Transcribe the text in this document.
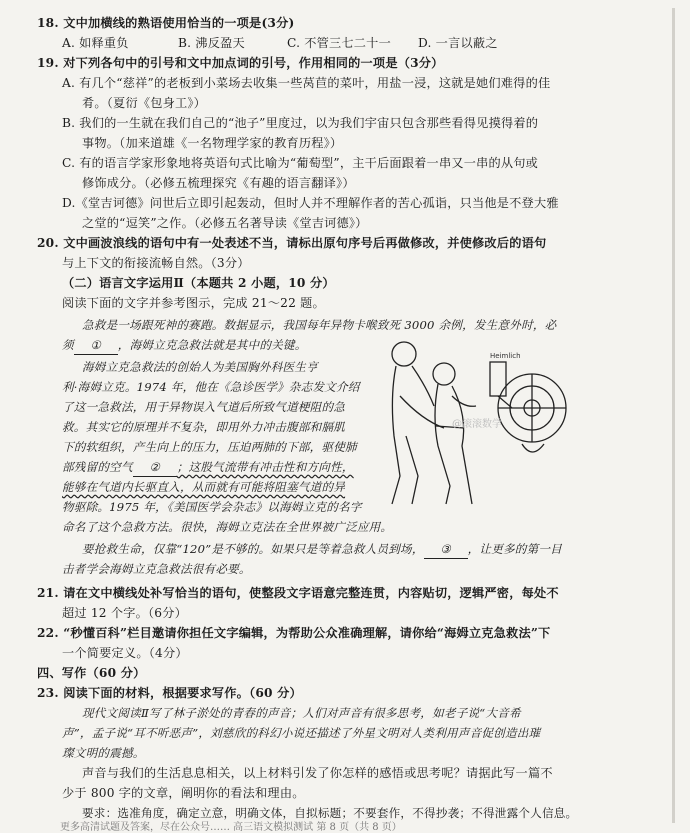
18. 文中加横线的熟语使用恰当的一项是(3分)
A. 如释重负	B. 沸反盈天	C. 不管三七二十一 D. 一言以蔽之
19. 对下列各句中的引号和文中加点词的引号，作用相同的一项是（3分）
A. 有几个“慈祥”的老板到小菜场去收集一些莴苣的菜叶，用盐一浸，这就是她们难得的佳
肴。（夏衍《包身工》）
B. 我们的一生就在我们自己的“池子”里度过，以为我们宇宙只包含那些看得见摸得着的
事物。（加来道雄《一名物理学家的教育历程》）
C. 有的语言学家形象地将英语句式比喻为“葡萄型”，主干后面跟着一串又一串的从句或
修饰成分。（必修五梳理探究《有趣的语言翻译》）
D.《堂吉诃德》问世后立即引起轰动，但时人并不理解作者的苦心孤诣，只当他是不登大雅
之堂的“逗笑”之作。（必修五名著导读《堂吉诃德》）
20. 文中画波浪线的语句中有一处表述不当，请标出原句序号后再做修改，并使修改后的语句
与上下文的衔接流畅自然。（3分）
（二）语言文字运用Ⅱ（本题共 2 小题，10 分）
阅读下面的文字并参考图示，完成 21～22 题。
急救是一场跟死神的赛跑。数据显示，我国每年异物卡喉致死 3000 余例，发生意外时，必
须 ① ，海姆立克急救法就是其中的关键。
海姆立克急救法的创始人为美国胸外科医生亨
利·海姆立克。1974 年，他在《急诊医学》杂志发文介绍
了这一急救法，用于异物误入气道后所致气道梗阻的急
救。其实它的原理并不复杂，即用外力冲击腹部和膈肌
下的软组织，产生向上的压力，压迫两肺的下部，驱使肺
部残留的空气 ② ；这股气流带有冲击性和方向性，
能够在气道内长驱直入，从而就有可能将阻塞气道的异
物驱除。1975 年，《美国医学会杂志》以海姆立克的名字
命名了这个急救方法。很快，海姆立克法在全世界被广泛应用。
要抢救生命，仅靠“120”是不够的。如果只是等着急救人员到场， ③ ，让更多的第一目
击者学会海姆立克急救法很有必要。
Heimlich
21. 请在文中横线处补写恰当的语句，使整段文字语意完整连贯，内容贴切，逻辑严密，每处不
超过 12 个字。（6分）
22. “秒懂百科”栏目邀请你担任文字编辑，为帮助公众准确理解，请你给“海姆立克急救法”下
一个简要定义。（4分）
四、写作（60 分）
23. 阅读下面的材料，根据要求写作。（60 分）
现代文阅读Ⅱ写了林子淤处的青春的声音；人们对声音有很多思考，如老子说“大音希
声”，孟子说“耳不听恶声”，刘慈欣的科幻小说还描述了外星文明对人类利用声音促创造出璀
璨文明的震撼。
声音与我们的生活息息相关，以上材料引发了你怎样的感悟或思考呢？请据此写一篇不
少于 800 字的文章，阐明你的看法和理由。
要求：选准角度，确定立意，明确文体，自拟标题；不要套作，不得抄袭；不得泄露个人信息。
@滚滚数学
更多高清试题及答案，尽在公众号…… 高三语文模拟测试 第 8 页（共 8 页）
